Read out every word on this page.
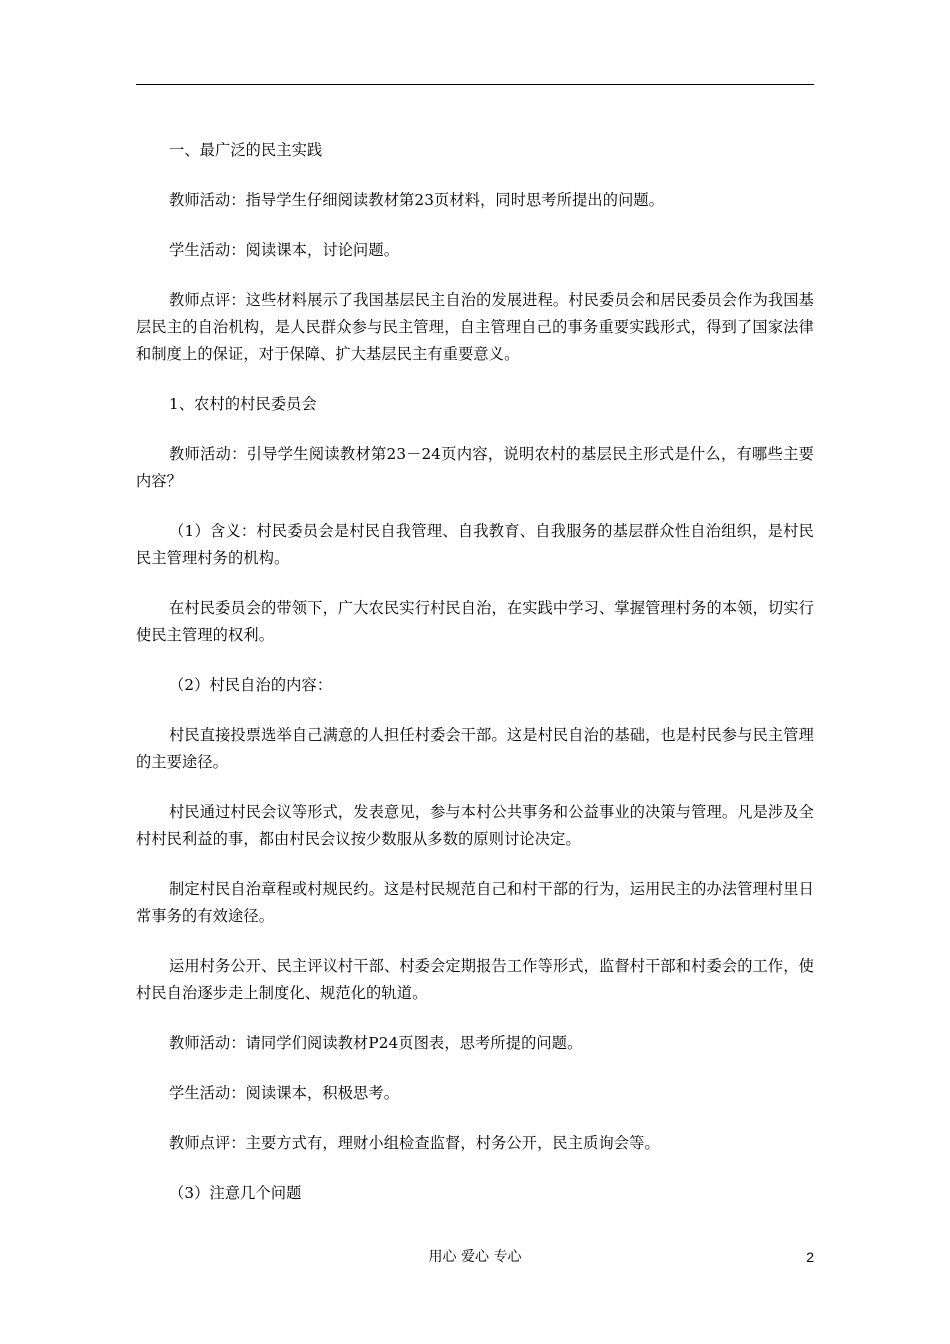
一、最广泛的民主实践

教师活动：指导学生仔细阅读教材第23页材料，同时思考所提出的问题。

学生活动：阅读课本，讨论问题。

教师点评：这些材料展示了我国基层民主自治的发展进程。村民委员会和居民委员会作为我国基层民主的自治机构，是人民群众参与民主管理，自主管理自己的事务重要实践形式，得到了国家法律和制度上的保证，对于保障、扩大基层民主有重要意义。

1、农村的村民委员会

教师活动：引导学生阅读教材第23－24页内容，说明农村的基层民主形式是什么，有哪些主要内容？

（1）含义：村民委员会是村民自我管理、自我教育、自我服务的基层群众性自治组织，是村民民主管理村务的机构。

在村民委员会的带领下，广大农民实行村民自治，在实践中学习、掌握管理村务的本领，切实行使民主管理的权利。

（2）村民自治的内容：

村民直接投票选举自己满意的人担任村委会干部。这是村民自治的基础，也是村民参与民主管理的主要途径。

村民通过村民会议等形式，发表意见，参与本村公共事务和公益事业的决策与管理。凡是涉及全村村民利益的事，都由村民会议按少数服从多数的原则讨论决定。

制定村民自治章程或村规民约。这是村民规范自己和村干部的行为，运用民主的办法管理村里日常事务的有效途径。

运用村务公开、民主评议村干部、村委会定期报告工作等形式，监督村干部和村委会的工作，使村民自治逐步走上制度化、规范化的轨道。

教师活动：请同学们阅读教材P24页图表，思考所提的问题。

学生活动：阅读课本，积极思考。

教师点评：主要方式有，理财小组检查监督，村务公开，民主质询会等。

（3）注意几个问题

用心 爱心 专心	2
